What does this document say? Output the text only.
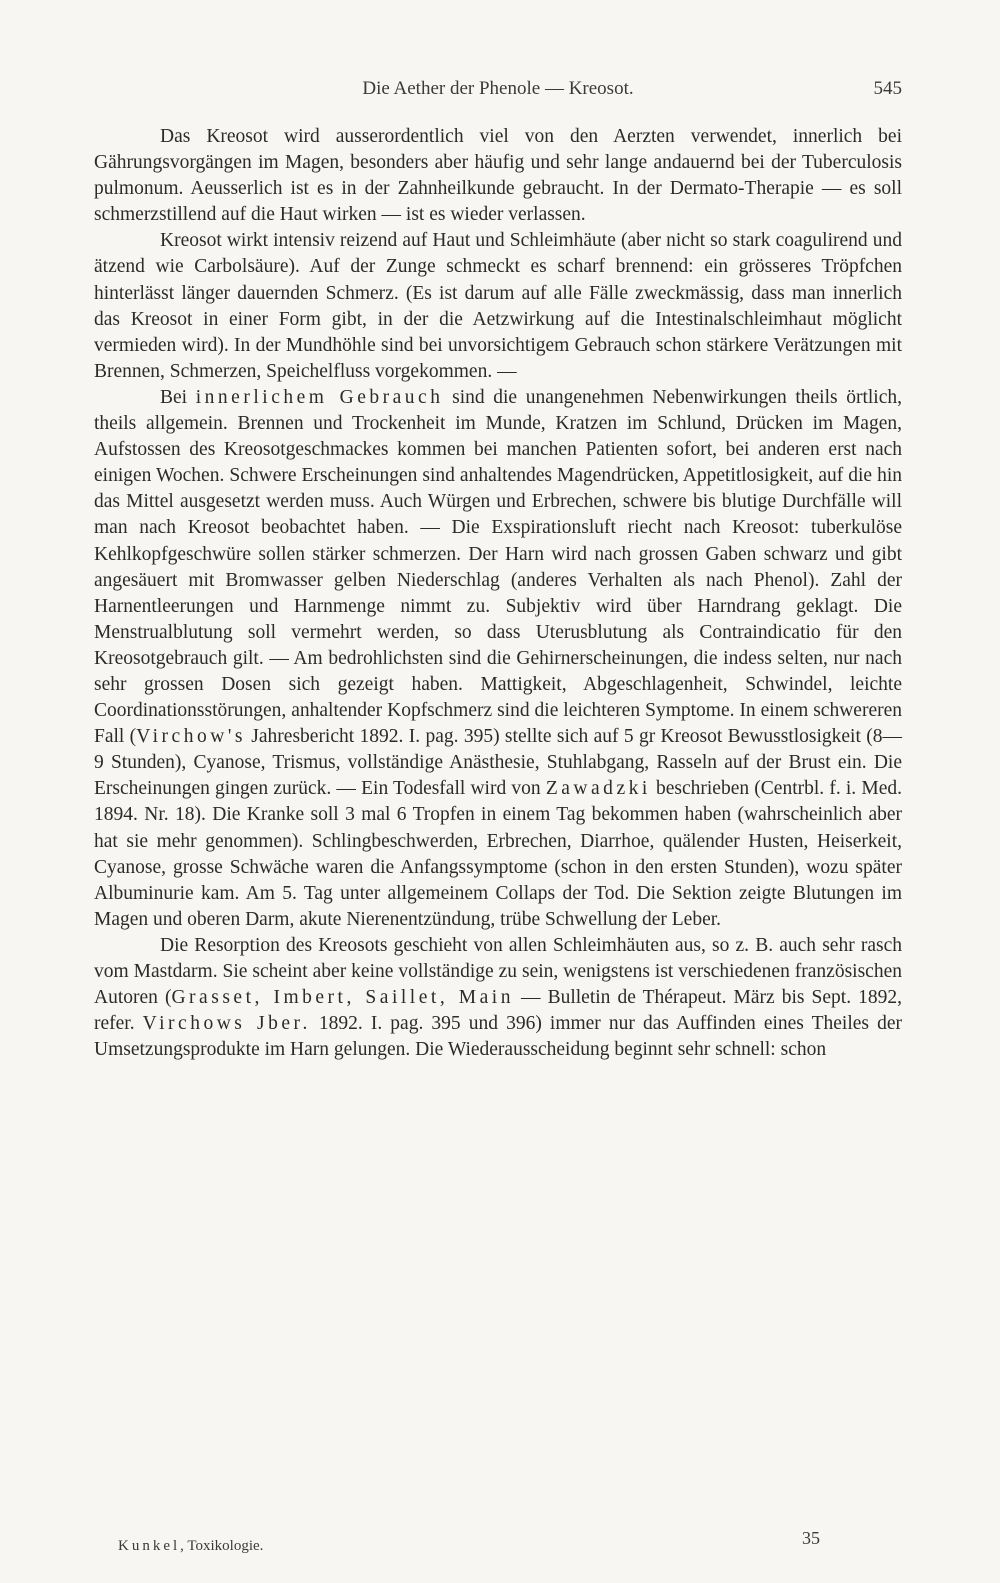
Die Aether der Phenole — Kreosot.	545

Das Kreosot wird ausserordentlich viel von den Aerzten verwendet, innerlich bei Gährungsvorgängen im Magen, besonders aber häufig und sehr lange andauernd bei der Tuberculosis pulmonum. Aeusserlich ist es in der Zahnheilkunde gebraucht. In der Dermato-Therapie — es soll schmerzstillend auf die Haut wirken — ist es wieder verlassen.

Kreosot wirkt intensiv reizend auf Haut und Schleimhäute (aber nicht so stark coagulirend und ätzend wie Carbolsäure). Auf der Zunge schmeckt es scharf brennend: ein grösseres Tröpfchen hinterlässt länger dauernden Schmerz. (Es ist darum auf alle Fälle zweckmässig, dass man innerlich das Kreosot in einer Form gibt, in der die Aetzwirkung auf die Intestinalschleimhaut möglicht vermieden wird). In der Mundhöhle sind bei unvorsichtigem Gebrauch schon stärkere Verätzungen mit Brennen, Schmerzen, Speichelfluss vorgekommen. —

Bei innerlichem Gebrauch sind die unangenehmen Nebenwirkungen theils örtlich, theils allgemein. Brennen und Trockenheit im Munde, Kratzen im Schlund, Drücken im Magen, Aufstossen des Kreosotgeschmackes kommen bei manchen Patienten sofort, bei anderen erst nach einigen Wochen. Schwere Erscheinungen sind anhaltendes Magendrücken, Appetitlosigkeit, auf die hin das Mittel ausgesetzt werden muss. Auch Würgen und Erbrechen, schwere bis blutige Durchfälle will man nach Kreosot beobachtet haben. — Die Exspirationsluft riecht nach Kreosot: tuberkulöse Kehlkopfgeschwüre sollen stärker schmerzen. Der Harn wird nach grossen Gaben schwarz und gibt angesäuert mit Bromwasser gelben Niederschlag (anderes Verhalten als nach Phenol). Zahl der Harnentleerungen und Harnmenge nimmt zu. Subjektiv wird über Harndrang geklagt. Die Menstrualblutung soll vermehrt werden, so dass Uterusblutung als Contraindicatio für den Kreosotgebrauch gilt. — Am bedrohlichsten sind die Gehirnerscheinungen, die indess selten, nur nach sehr grossen Dosen sich gezeigt haben. Mattigkeit, Abgeschlagenheit, Schwindel, leichte Coordinationsstörungen, anhaltender Kopfschmerz sind die leichteren Symptome. In einem schwereren Fall (Virchow's Jahresbericht 1892. I. pag. 395) stellte sich auf 5 gr Kreosot Bewusstlosigkeit (8—9 Stunden), Cyanose, Trismus, vollständige Anästhesie, Stuhlabgang, Rasseln auf der Brust ein. Die Erscheinungen gingen zurück. — Ein Todesfall wird von Zawadzki beschrieben (Centrbl. f. i. Med. 1894. Nr. 18). Die Kranke soll 3 mal 6 Tropfen in einem Tag bekommen haben (wahrscheinlich aber hat sie mehr genommen). Schlingbeschwerden, Erbrechen, Diarrhoe, quälender Husten, Heiserkeit, Cyanose, grosse Schwäche waren die Anfangssymptome (schon in den ersten Stunden), wozu später Albuminurie kam. Am 5. Tag unter allgemeinem Collaps der Tod. Die Sektion zeigte Blutungen im Magen und oberen Darm, akute Nierenentzündung, trübe Schwellung der Leber.

Die Resorption des Kreosots geschieht von allen Schleimhäuten aus, so z. B. auch sehr rasch vom Mastdarm. Sie scheint aber keine vollständige zu sein, wenigstens ist verschiedenen französischen Autoren (Grasset, Imbert, Saillet, Main — Bulletin de Thérapeut. März bis Sept. 1892, refer. Virchows Jber. 1892. I. pag. 395 und 396) immer nur das Auffinden eines Theiles der Umsetzungsprodukte im Harn gelungen. Die Wiederausscheidung beginnt sehr schnell: schon

Kunkel, Toxikologie.	35
